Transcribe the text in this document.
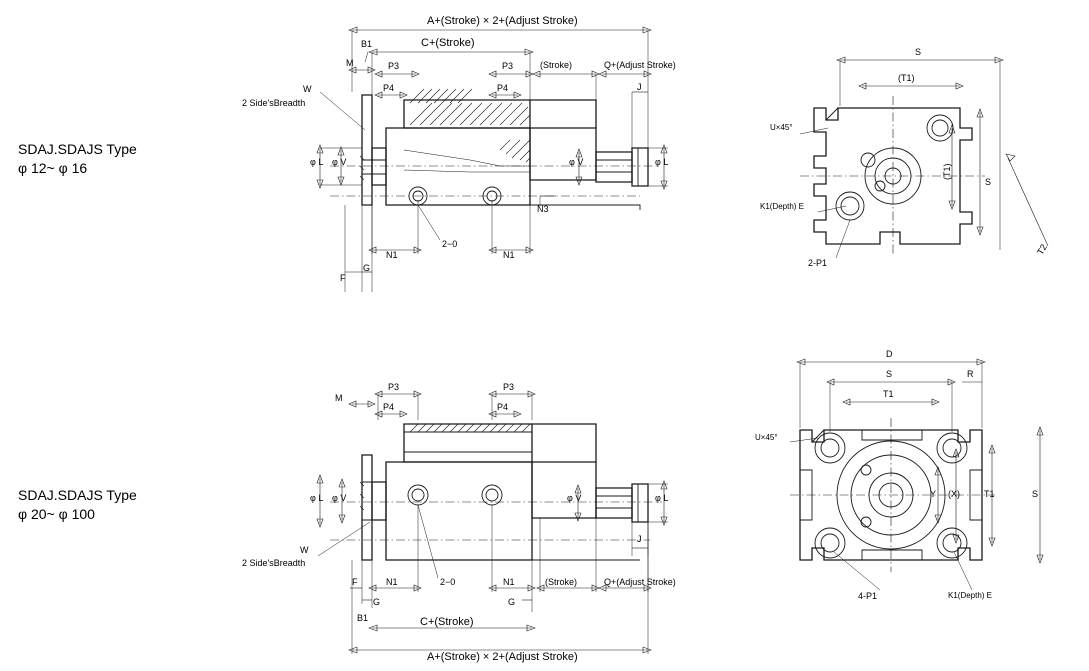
SDAJ.SDAJS Type
φ 12~ φ 16
A+(Stroke) × 2+(Adjust Stroke)
C+(Stroke)
B1
M	P3	P3
P4	P4
(Stroke)	Q+(Adjust Stroke)
J
W
2 Side'sBreadth
φ L φ V	φ V	φ L
N3
N1	N1
2−0
F
G
S
(T1)
(T1)
S
U×45°
K1(Depth) E
2-P1
T2
SDAJ.SDAJS Type
φ 20~ φ 100
P3	P3
M
P4	P4
φ L φ V	φ V	φ L
J
W
2 Side'sBreadth
F	N1	2−0	N1	(Stroke)	Q+(Adjust Stroke)
G	G
B1	C+(Stroke)
A+(Stroke) × 2+(Adjust Stroke)
D
S	R
T1
U×45°
Y (X)	T1	S
4-P1	K1(Depth) E
